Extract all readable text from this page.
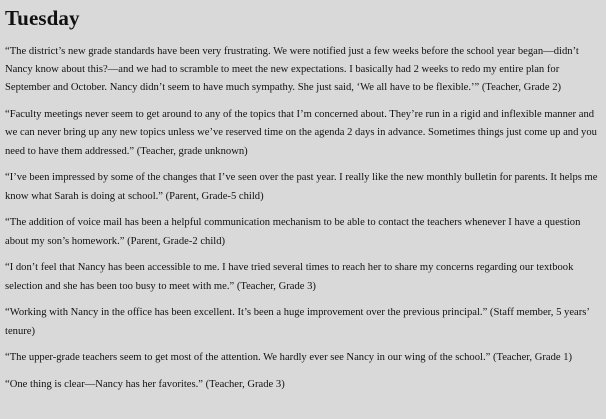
Tuesday

“The district’s new grade standards have been very frustrating. We were notified just a few weeks before the school year began—didn’t Nancy know about this?—and we had to scramble to meet the new expectations. I basically had 2 weeks to redo my entire plan for September and October. Nancy didn’t seem to have much sympathy. She just said, ‘We all have to be flexible.’” (Teacher, Grade 2)

“Faculty meetings never seem to get around to any of the topics that I’m concerned about. They’re run in a rigid and inflexible manner and we can never bring up any new topics unless we’ve reserved time on the agenda 2 days in advance. Sometimes things just come up and you need to have them addressed.” (Teacher, grade unknown)

“I’ve been impressed by some of the changes that I’ve seen over the past year. I really like the new monthly bulletin for parents. It helps me know what Sarah is doing at school.” (Parent, Grade-5 child)

“The addition of voice mail has been a helpful communication mechanism to be able to contact the teachers whenever I have a question about my son’s homework.” (Parent, Grade-2 child)

“I don’t feel that Nancy has been accessible to me. I have tried several times to reach her to share my concerns regarding our textbook selection and she has been too busy to meet with me.” (Teacher, Grade 3)

“Working with Nancy in the office has been excellent. It’s been a huge improvement over the previous principal.” (Staff member, 5 years’ tenure)

“The upper-grade teachers seem to get most of the attention. We hardly ever see Nancy in our wing of the school.” (Teacher, Grade 1)

“One thing is clear—Nancy has her favorites.” (Teacher, Grade 3)
